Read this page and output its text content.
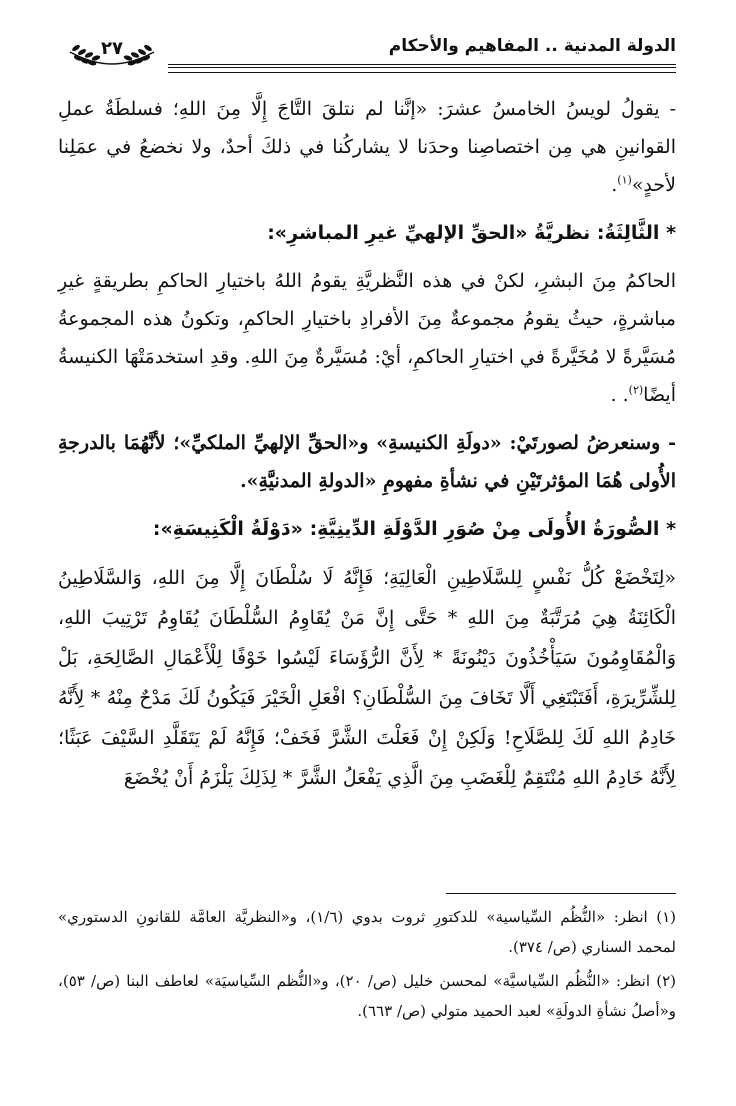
الدولة المدنية .. المفاهيم والأحكام
٢٧

- يقولُ لويسُ الخامسُ عشرَ: «إنَّنا لم نتلقَ التَّاجَ إِلَّا مِنَ اللهِ؛ فسلطَةُ عملِ القوانينِ هي مِن اختصاصِنا وحدَنا لا يشاركُنا في ذلكَ أحدٌ، ولا نخضعُ في عمَلِنا لأحدٍ»$^{(١)}$.

* الثَّالِثَةُ: نظريَّةُ «الحقِّ الإلهيِّ غيرِ المباشرِ»:

الحاكمُ مِنَ البشرِ، لكنْ في هذه النَّظريَّةِ يقومُ اللهُ باختيارِ الحاكمِ بطريقةٍ غيرِ مباشرةٍ، حيثُ يقومُ مجموعةٌ مِنَ الأفرادِ باختيارِ الحاكمِ، وتكونُ هذه المجموعةُ مُسَيَّرةً لا مُخَيَّرةً في اختيارِ الحاكمِ، أيْ: مُسَيَّرةٌ مِنَ اللهِ. وقدِ استخدمَتْهَا الكنيسةُ أيضًا$^{(٢)}$. .

- وسنعرضُ لصورتَيْ: «دولَةِ الكنيسةِ» و«الحقِّ الإلهيِّ الملكيِّ»؛ لأنَّهُمَا بالدرجةِ الأُولى هُمَا المؤثرتَيْنِ في نشأةِ مفهومِ «الدولةِ المدنيَّةِ».

* الصُّورَةُ الأُولَى مِنْ صُوَرِ الدَّوْلَةِ الدِّينِيَّةِ: «دَوْلَةُ الْكَنِيسَةِ»:

«لِتَخْضَعْ كُلُّ نَفْسٍ لِلسَّلَاطِينِ الْعَالِيَةِ؛ فَإِنَّهُ لَا سُلْطَانَ إِلَّا مِنَ اللهِ، وَالسَّلَاطِينُ الْكَائِنَةُ هِيَ مُرَتَّبَةٌ مِنَ اللهِ * حَتَّى إِنَّ مَنْ يُقَاوِمُ السُّلْطَانَ يُقَاوِمُ تَرْتِيبَ اللهِ، وَالْمُقَاوِمُونَ سَيَأْخُذُونَ دَيْنُونَةً * لِأَنَّ الرُّؤَسَاءَ لَيْسُوا خَوْفًا لِلْأَعْمَالِ الصَّالِحَةِ، بَلْ لِلشِّرِّيرَةِ، أَفَتَبْتَغِي أَلَّا تَخَافَ مِنَ السُّلْطَانِ؟ افْعَلِ الْخَيْرَ فَيَكُونُ لَكَ مَدْحٌ مِنْهُ * لِأَنَّهُ خَادِمُ اللهِ لَكَ لِلصَّلَاحِ! وَلَكِنْ إِنْ فَعَلْتَ الشَّرَّ فَخَفْ؛ فَإِنَّهُ لَمْ يَتَقَلَّدِ السَّيْفَ عَبَثًا؛ لِأَنَّهُ خَادِمُ اللهِ مُنْتَقِمٌ لِلْغَضَبِ مِنَ الَّذِي يَفْعَلُ الشَّرَّ * لِذَلِكَ يَلْزَمُ أَنْ يُخْضَعَ

(١) انظر: «النُّظُم السِّياسية» للدكتورِ ثروت بدوي (١/٦)، و«النظريَّة العامَّة للقانونِ الدستوري» لمحمد السناري (ص/ ٣٧٤).

(٢) انظر: «النُّظُم السِّياسيَّة» لمحسن خليل (ص/ ٢٠)، و«النُّظم السِّياسيَة» لعاطف البنا (ص/ ٥٣)، و«أصلُ نشأةِ الدولَةِ» لعبد الحميد متولي (ص/ ٦٦٣).
